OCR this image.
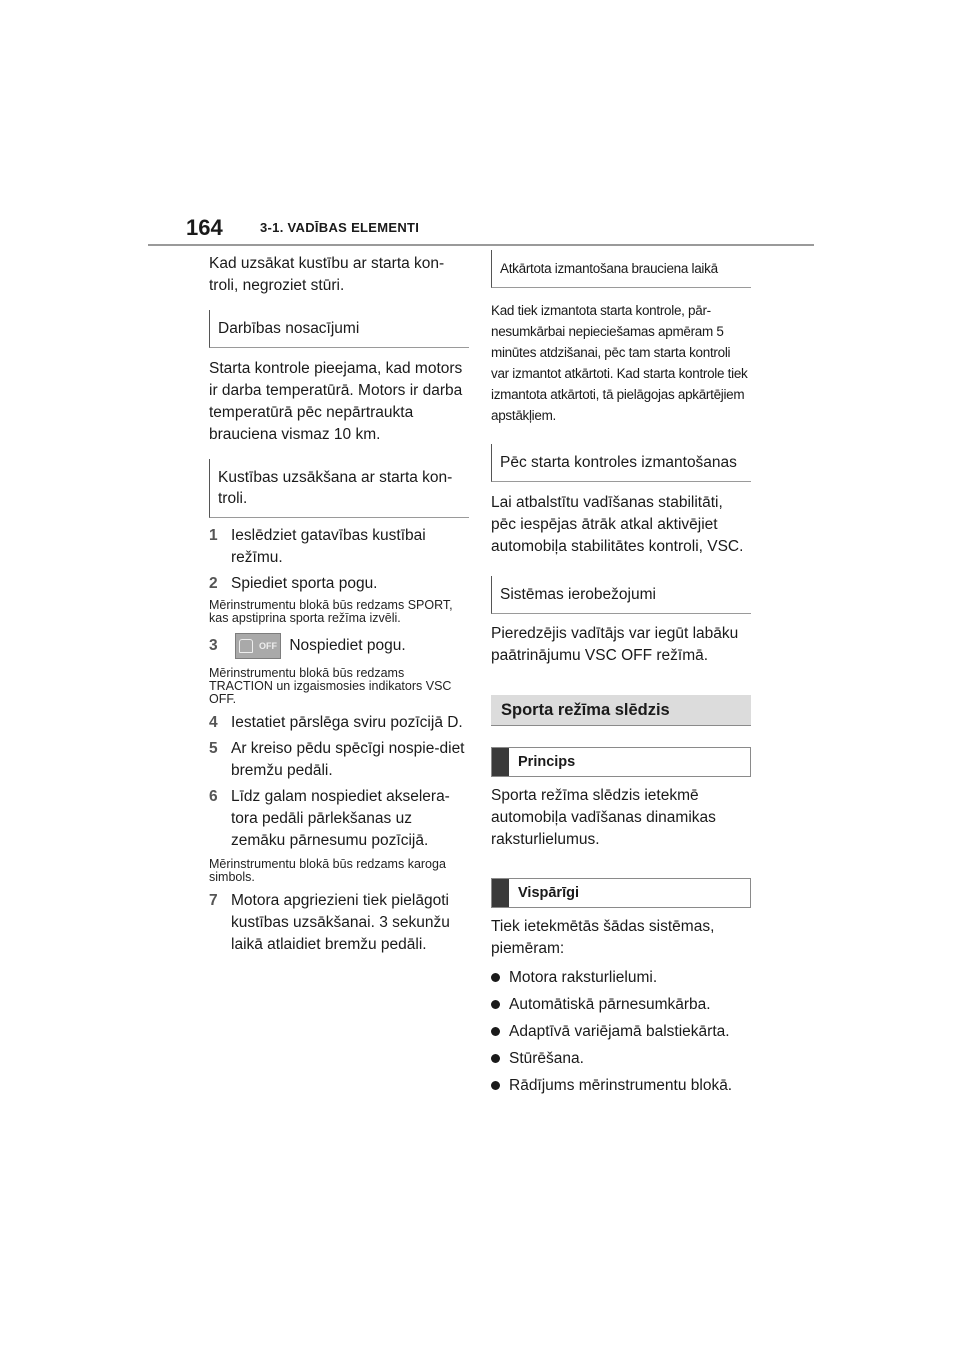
164	3-1. VADĪBAS ELEMENTI

Kad uzsākat kustību ar starta kon-troli, negroziet stūri.

Darbības nosacījumi

Starta kontrole pieejama, kad motors ir darba temperatūrā. Motors ir darba temperatūrā pēc nepārtraukta brauciena vismaz 10 km.

Kustības uzsākšana ar starta kon-troli.
1 Ieslēdziet gatavības kustībai režīmu.
2 Spiediet sporta pogu.

Mērinstrumentu blokā būs redzams SPORT, kas apstiprina sporta režīma izvēli.

3	OFF Nospiediet pogu.

Mērinstrumentu blokā būs redzams TRACTION un izgaismosies indikators VSC OFF.

4 Iestatiet pārslēga sviru pozīcijā D.
5 Ar kreiso pēdu spēcīgi nospie-diet bremžu pedāli.
6 Līdz galam nospiediet akselera-tora pedāli pārlekšanas uz zemāku pārnesumu pozīcijā.

Mērinstrumentu blokā būs redzams karoga simbols.

7 Motora apgriezieni tiek pielāgoti kustības uzsākšanai. 3 sekunžu laikā atlaidiet bremžu pedāli.
Atkārtota izmantošana brauciena laikā

Kad tiek izmantota starta kontrole, pār-nesumkārbai nepieciešamas apmēram 5 minūtes atdzišanai, pēc tam starta kontroli var izmantot atkārtoti. Kad starta kontrole tiek izmantota atkārtoti, tā pielāgojas apkārtējiem apstākļiem.

Pēc starta kontroles izmantošanas

Lai atbalstītu vadīšanas stabilitāti, pēc iespējas ātrāk atkal aktivējiet automobiļa stabilitātes kontroli, VSC.

Sistēmas ierobežojumi

Pieredzējis vadītājs var iegūt labāku paātrinājumu VSC OFF režīmā.

Sporta režīma slēdzis
Princips

Sporta režīma slēdzis ietekmē automobiļa vadīšanas dinamikas raksturlielumus.

Vispārīgi

Tiek ietekmētās šādas sistēmas, piemēram:

Motora raksturlielumi.
Automātiskā pārnesumkārba.
Adaptīvā variējamā balstiekārta.
Stūrēšana.
Rādījums mērinstrumentu blokā.
